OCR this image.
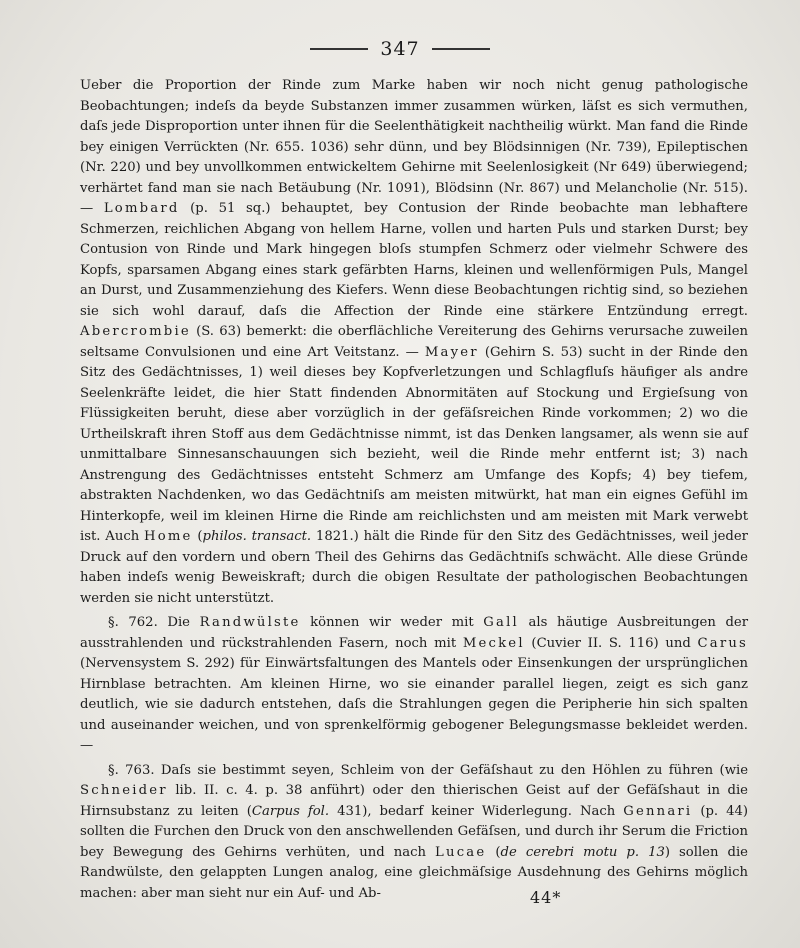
347

Ueber die Proportion der Rinde zum Marke haben wir noch nicht genug pathologische Beobachtungen; indeſs da beyde Substanzen immer zusammen würken, läſst es sich vermuthen, daſs jede Disproportion unter ihnen für die Seelenthätigkeit nachtheilig würkt. Man fand die Rinde bey einigen Verrückten (Nr. 655. 1036) sehr dünn, und bey Blödsinnigen (Nr. 739), Epileptischen (Nr. 220) und bey unvollkommen entwickeltem Gehirne mit Seelenlosigkeit (Nr 649) überwiegend; verhärtet fand man sie nach Betäubung (Nr. 1091), Blödsinn (Nr. 867) und Melancholie (Nr. 515). — Lombard (p. 51 sq.) behauptet, bey Contusion der Rinde beobachte man lebhaftere Schmerzen, reichlichen Abgang von hellem Harne, vollen und harten Puls und starken Durst; bey Contusion von Rinde und Mark hingegen bloſs stumpfen Schmerz oder vielmehr Schwere des Kopfs, sparsamen Abgang eines stark gefärbten Harns, kleinen und wellenförmigen Puls, Mangel an Durst, und Zusammenziehung des Kiefers. Wenn diese Beobachtungen richtig sind, so beziehen sie sich wohl darauf, daſs die Affection der Rinde eine stärkere Entzündung erregt. Abercrombie (S. 63) bemerkt: die oberflächliche Vereiterung des Gehirns verursache zuweilen seltsame Convulsionen und eine Art Veitstanz. — Mayer (Gehirn S. 53) sucht in der Rinde den Sitz des Gedächtnisses, 1) weil dieses bey Kopfverletzungen und Schlagfluſs häufiger als andre Seelenkräfte leidet, die hier Statt findenden Abnormitäten auf Stockung und Ergieſsung von Flüssigkeiten beruht, diese aber vorzüglich in der gefäſsreichen Rinde vorkommen; 2) wo die Urtheilskraft ihren Stoff aus dem Gedächtnisse nimmt, ist das Denken langsamer, als wenn sie auf unmittalbare Sinnesanschauungen sich bezieht, weil die Rinde mehr entfernt ist; 3) nach Anstrengung des Gedächtnisses entsteht Schmerz am Umfange des Kopfs; 4) bey tiefem, abstrakten Nachdenken, wo das Gedächtniſs am meisten mitwürkt, hat man ein eignes Gefühl im Hinterkopfe, weil im kleinen Hirne die Rinde am reichlichsten und am meisten mit Mark verwebt ist. Auch Home (philos. transact. 1821.) hält die Rinde für den Sitz des Gedächtnisses, weil jeder Druck auf den vordern und obern Theil des Gehirns das Gedächtniſs schwächt. Alle diese Gründe haben indeſs wenig Beweiskraft; durch die obigen Resultate der pathologischen Beobachtungen werden sie nicht unterstützt.

§. 762. Die Randwülste können wir weder mit Gall als häutige Ausbreitungen der ausstrahlenden und rückstrahlenden Fasern, noch mit Meckel (Cuvier II. S. 116) und Carus (Nervensystem S. 292) für Einwärtsfaltungen des Mantels oder Einsenkungen der ursprünglichen Hirnblase betrachten. Am kleinen Hirne, wo sie einander parallel liegen, zeigt es sich ganz deutlich, wie sie dadurch entstehen, daſs die Strahlungen gegen die Peripherie hin sich spalten und auseinander weichen, und von sprenkelförmig gebogener Belegungsmasse bekleidet werden. —

§. 763. Daſs sie bestimmt seyen, Schleim von der Gefäſshaut zu den Höhlen zu führen (wie Schneider lib. II. c. 4. p. 38 anführt) oder den thierischen Geist auf der Gefäſshaut in die Hirnsubstanz zu leiten (Carpus fol. 431), bedarf keiner Widerlegung. Nach Gennari (p. 44) sollten die Furchen den Druck von den anschwellenden Gefäſsen, und durch ihr Serum die Friction bey Bewegung des Gehirns verhüten, und nach Lucae (de cerebri motu p. 13) sollen die Randwülste, den gelappten Lungen analog, eine gleichmäſsige Ausdehnung des Gehirns möglich machen: aber man sieht nur ein Auf- und Ab-	44*
